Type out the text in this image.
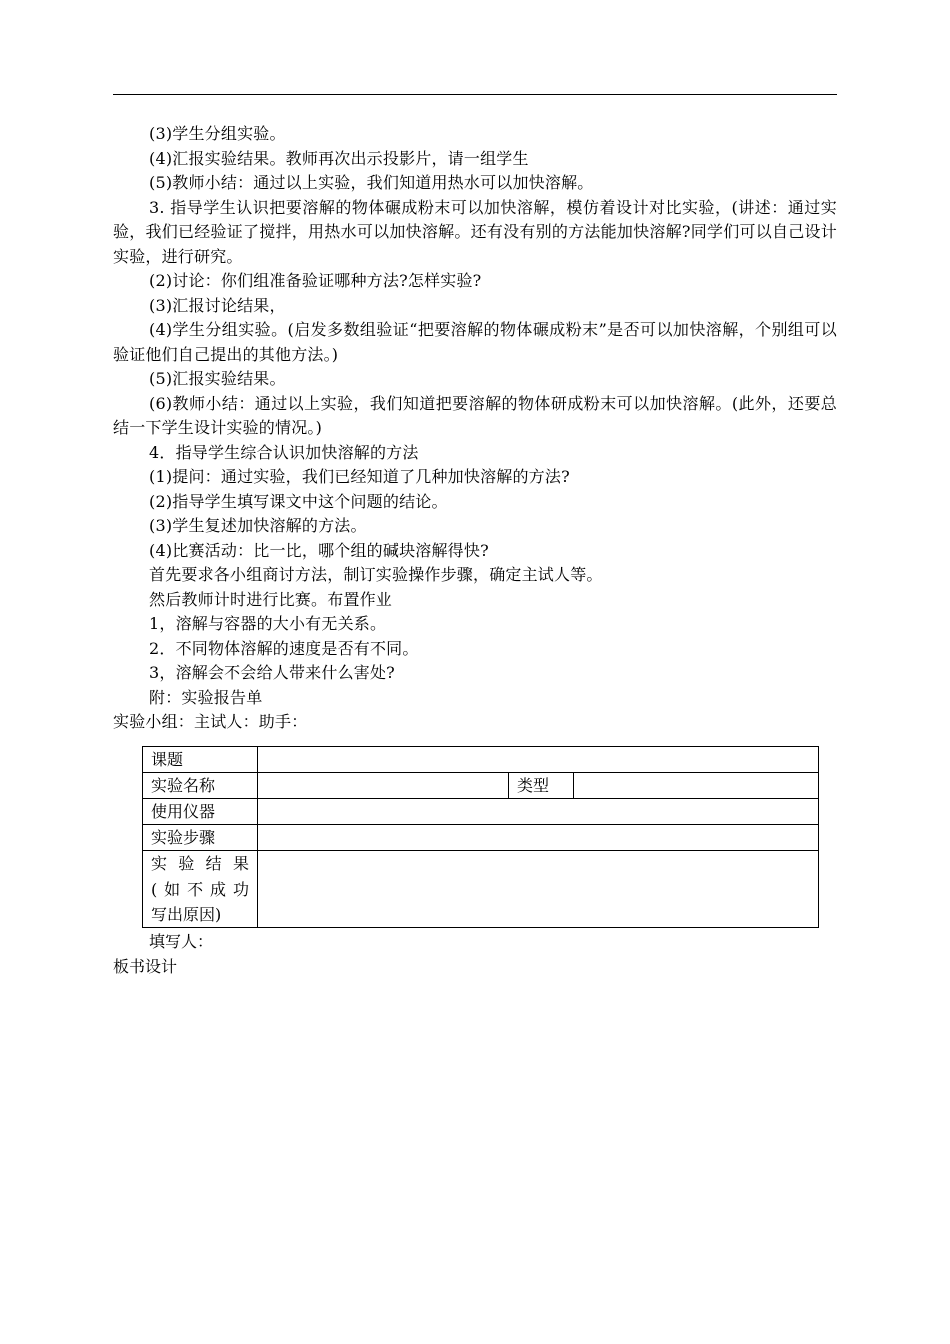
(3)学生分组实验。

(4)汇报实验结果。教师再次出示投影片，请一组学生

(5)教师小结：通过以上实验，我们知道用热水可以加快溶解。

3. 指导学生认识把要溶解的物体碾成粉末可以加快溶解，模仿着设计对比实验，(讲述：通过实验，我们已经验证了搅拌，用热水可以加快溶解。还有没有别的方法能加快溶解?同学们可以自己设计实验，进行研究。

(2)讨论：你们组准备验证哪种方法?怎样实验?

(3)汇报讨论结果，

(4)学生分组实验。(启发多数组验证“把要溶解的物体碾成粉末”是否可以加快溶解，个别组可以验证他们自己提出的其他方法。)

(5)汇报实验结果。

(6)教师小结：通过以上实验，我们知道把要溶解的物体研成粉末可以加快溶解。(此外，还要总结一下学生设计实验的情况。)

4．指导学生综合认识加快溶解的方法

(1)提问：通过实验，我们已经知道了几种加快溶解的方法?

(2)指导学生填写课文中这个问题的结论。

(3)学生复述加快溶解的方法。

(4)比赛活动：比一比，哪个组的碱块溶解得快?

首先要求各小组商讨方法，制订实验操作步骤，确定主试人等。

然后教师计时进行比赛。布置作业

1，溶解与容器的大小有无关系。

2．不同物体溶解的速度是否有不同。

3，溶解会不会给人带来什么害处?

附：实验报告单

实验小组：主试人：助手：

课题			
实验名称		类型	
使用仪器			
实验步骤			

实验结果
(如不成功
写出原因)			

填写人：

板书设计
